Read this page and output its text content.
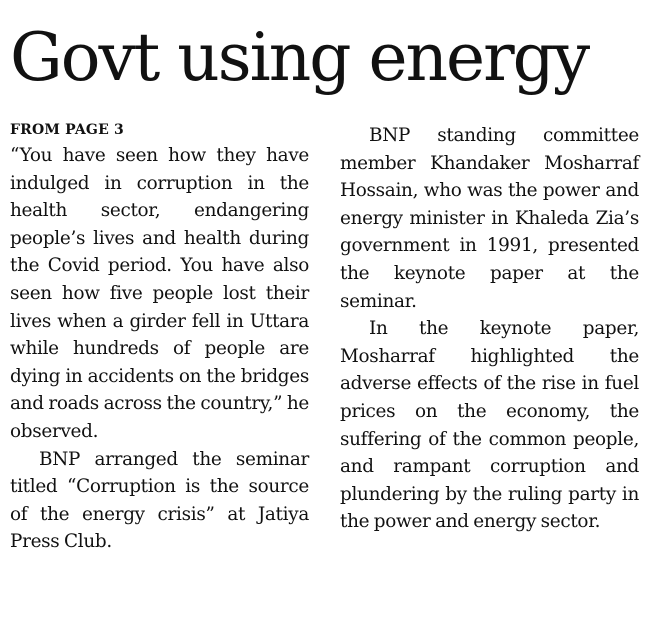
Govt using energy
FROM PAGE 3

“You have seen how they have indulged in corruption in the health sector, endangering people’s lives and health during the Covid period. You have also seen how five people lost their lives when a girder fell in Uttara while hundreds of people are dying in accidents on the bridges and roads across the country,” he observed.

BNP arranged the seminar titled “Corruption is the source of the energy crisis” at Jatiya Press Club.

BNP standing committee member Khandaker Mosharraf Hossain, who was the power and energy minister in Khaleda Zia’s government in 1991, presented the keynote paper at the seminar.

In the keynote paper, Mosharraf highlighted the adverse effects of the rise in fuel prices on the economy, the suffering of the common people, and rampant corruption and plundering by the ruling party in the power and energy sector.
